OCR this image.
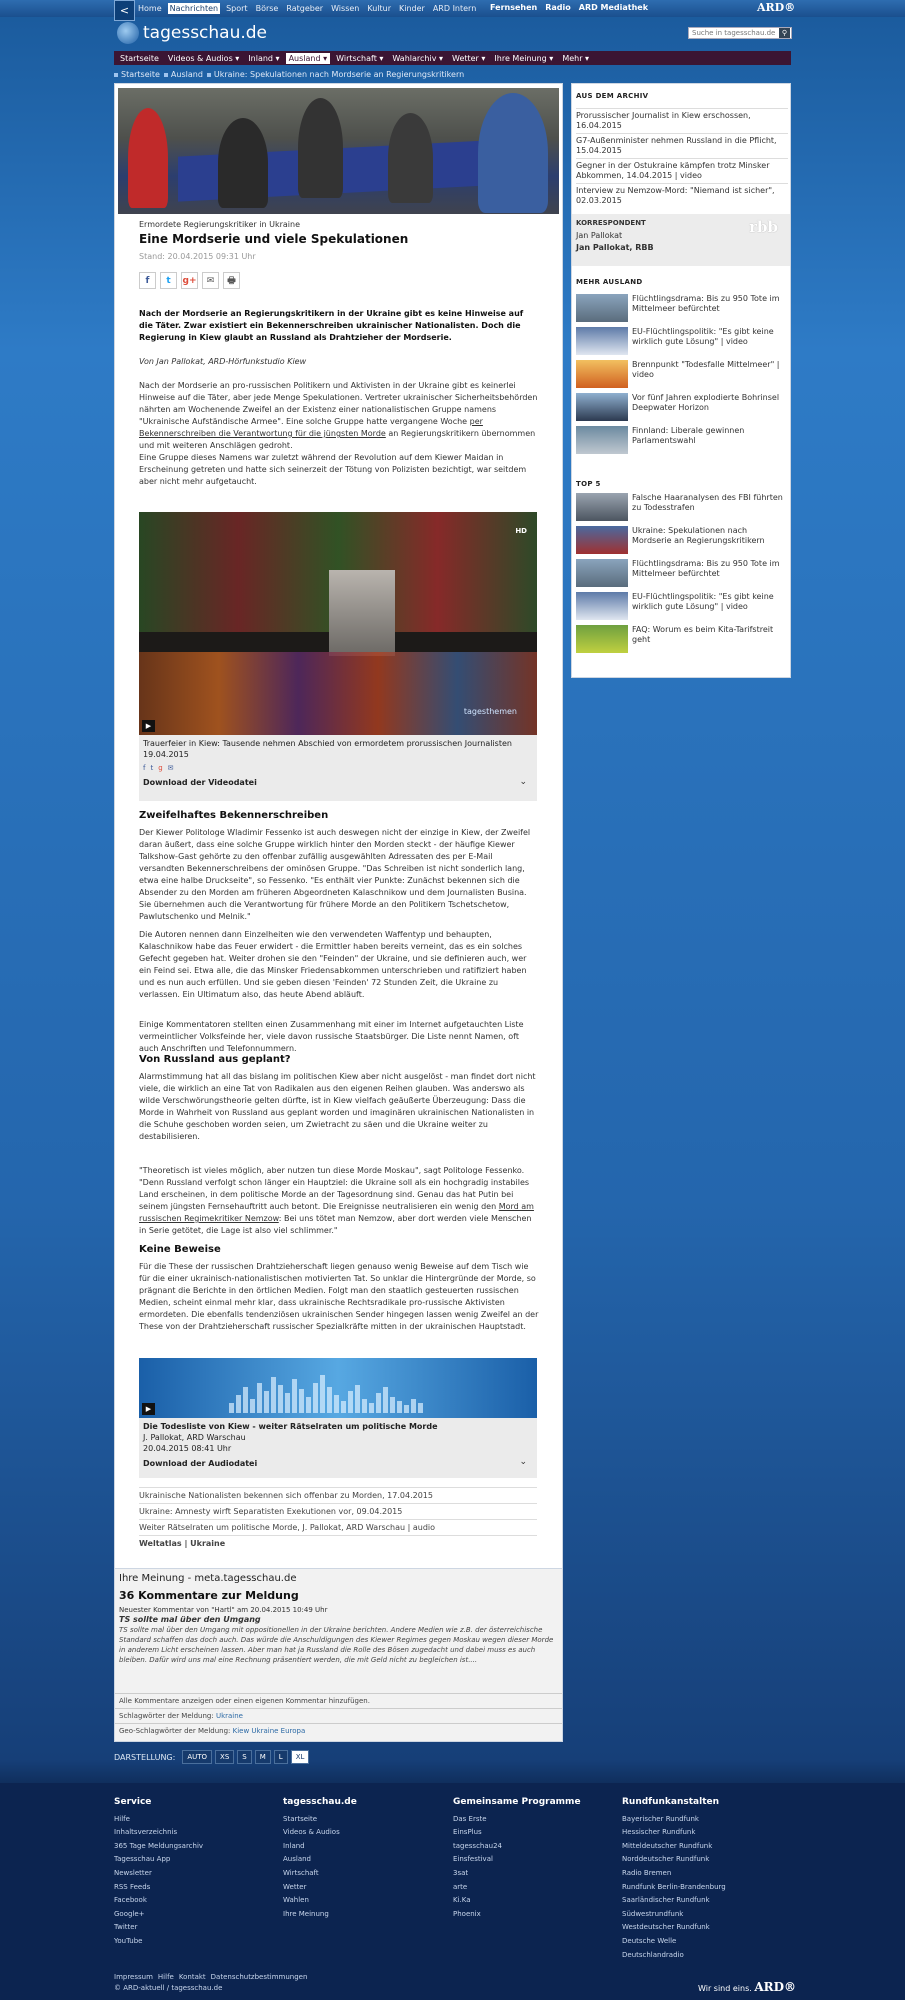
<	Home Nachrichten Sport Börse Ratgeber Wissen Kultur Kinder ARD Intern Fernsehen Radio ARD Mediathek	ARD®
tagesschau.de	Suche in tagesschau.de ⚲
Startseite	Videos & Audios ▾	Inland ▾	Ausland ▾	Wirtschaft ▾	Wahlarchiv ▾	Wetter ▾	Ihre Meinung ▾	Mehr ▾
Startseite	Ausland	Ukraine: Spekulationen nach Mordserie an Regierungskritikern
Ermordete Regierungskritiker in Ukraine
Eine Mordserie und viele Spekulationen
Stand: 20.04.2015 09:31 Uhr
f	t	g+	✉	🖶
Nach der Mordserie an Regierungskritikern in der Ukraine gibt es keine Hinweise auf die Täter. Zwar existiert ein Bekennerschreiben ukrainischer Nationalisten. Doch die Regierung in Kiew glaubt an Russland als Drahtzieher der Mordserie.
Von Jan Pallokat, ARD-Hörfunkstudio Kiew
Nach der Mordserie an pro-russischen Politikern und Aktivisten in der Ukraine gibt es keinerlei Hinweise auf die Täter, aber jede Menge Spekulationen. Vertreter ukrainischer Sicherheitsbehörden nährten am Wochenende Zweifel an der Existenz einer nationalistischen Gruppe namens "Ukrainische Aufständische Armee". Eine solche Gruppe hatte vergangene Woche per Bekennerschreiben die Verantwortung für die jüngsten Morde an Regierungskritikern übernommen und mit weiteren Anschlägen gedroht.
Eine Gruppe dieses Namens war zuletzt während der Revolution auf dem Kiewer Maidan in Erscheinung getreten und hatte sich seinerzeit der Tötung von Polizisten bezichtigt, war seitdem aber nicht mehr aufgetaucht.
HD
tagesthemen
▶
Trauerfeier in Kiew: Tausende nehmen Abschied von ermordetem prorussischen Journalisten
19.04.2015
f t g ✉
Download der Videodatei	⌄
Zweifelhaftes Bekennerschreiben
Der Kiewer Politologe Wladimir Fessenko ist auch deswegen nicht der einzige in Kiew, der Zweifel daran äußert, dass eine solche Gruppe wirklich hinter den Morden steckt - der häufige Kiewer Talkshow-Gast gehörte zu den offenbar zufällig ausgewählten Adressaten des per E-Mail versandten Bekennerschreibens der ominösen Gruppe. "Das Schreiben ist nicht sonderlich lang, etwa eine halbe Druckseite", so Fessenko. "Es enthält vier Punkte: Zunächst bekennen sich die Absender zu den Morden am früheren Abgeordneten Kalaschnikow und dem Journalisten Busina. Sie übernehmen auch die Verantwortung für frühere Morde an den Politikern Tschetschetow, Pawlutschenko und Melnik."
Die Autoren nennen dann Einzelheiten wie den verwendeten Waffentyp und behaupten, Kalaschnikow habe das Feuer erwidert - die Ermittler haben bereits verneint, das es ein solches Gefecht gegeben hat. Weiter drohen sie den "Feinden" der Ukraine, und sie definieren auch, wer ein Feind sei. Etwa alle, die das Minsker Friedensabkommen unterschrieben und ratifiziert haben und es nun auch erfüllen. Und sie geben diesen 'Feinden' 72 Stunden Zeit, die Ukraine zu verlassen. Ein Ultimatum also, das heute Abend abläuft.
Einige Kommentatoren stellten einen Zusammenhang mit einer im Internet aufgetauchten Liste vermeintlicher Volksfeinde her, viele davon russische Staatsbürger. Die Liste nennt Namen, oft auch Anschriften und Telefonnummern.
Von Russland aus geplant?
Alarmstimmung hat all das bislang im politischen Kiew aber nicht ausgelöst - man findet dort nicht viele, die wirklich an eine Tat von Radikalen aus den eigenen Reihen glauben. Was anderswo als wilde Verschwörungstheorie gelten dürfte, ist in Kiew vielfach geäußerte Überzeugung: Dass die Morde in Wahrheit von Russland aus geplant worden und imaginären ukrainischen Nationalisten in die Schuhe geschoben worden seien, um Zwietracht zu säen und die Ukraine weiter zu destabilisieren.
"Theoretisch ist vieles möglich, aber nutzen tun diese Morde Moskau", sagt Politologe Fessenko. "Denn Russland verfolgt schon länger ein Hauptziel: die Ukraine soll als ein hochgradig instabiles Land erscheinen, in dem politische Morde an der Tagesordnung sind. Genau das hat Putin bei seinem jüngsten Fernsehauftritt auch betont. Die Ereignisse neutralisieren ein wenig den Mord am russischen Regimekritiker Nemzow: Bei uns tötet man Nemzow, aber dort werden viele Menschen in Serie getötet, die Lage ist also viel schlimmer."
Keine Beweise
Für die These der russischen Drahtzieherschaft liegen genauso wenig Beweise auf dem Tisch wie für die einer ukrainisch-nationalistischen motivierten Tat. So unklar die Hintergründe der Morde, so prägnant die Berichte in den örtlichen Medien. Folgt man den staatlich gesteuerten russischen Medien, scheint einmal mehr klar, dass ukrainische Rechtsradikale pro-russische Aktivisten ermordeten. Die ebenfalls tendenziösen ukrainischen Sender hingegen lassen wenig Zweifel an der These von der Drahtzieherschaft russischer Spezialkräfte mitten in der ukrainischen Hauptstadt.
▶
Die Todesliste von Kiew - weiter Rätselraten um politische Morde
J. Pallokat, ARD Warschau
20.04.2015 08:41 Uhr
Download der Audiodatei	⌄
Ukrainische Nationalisten bekennen sich offenbar zu Morden, 17.04.2015
Ukraine: Amnesty wirft Separatisten Exekutionen vor, 09.04.2015
Weiter Rätselraten um politische Morde, J. Pallokat, ARD Warschau | audio
Weltatlas | Ukraine
Ihre Meinung - meta.tagesschau.de
36 Kommentare zur Meldung
Neuester Kommentar von "Hartl" am 20.04.2015 10:49 Uhr
TS sollte mal über den Umgang
TS sollte mal über den Umgang mit oppositionellen in der Ukraine berichten. Andere Medien wie z.B. der österreichische Standard schaffen das doch auch. Das würde die Anschuldigungen des Kiewer Regimes gegen Moskau wegen dieser Morde in anderem Licht erscheinen lassen. Aber man hat ja Russland die Rolle des Bösen zugedacht und dabei muss es auch bleiben. Dafür wird uns mal eine Rechnung präsentiert werden, die mit Geld nicht zu begleichen ist....
Alle Kommentare anzeigen oder einen eigenen Kommentar hinzufügen.
Schlagwörter der Meldung: Ukraine
Geo-Schlagwörter der Meldung: Kiew Ukraine Europa
AUS DEM ARCHIV
Prorussischer Journalist in Kiew erschossen, 16.04.2015
G7-Außenminister nehmen Russland in die Pflicht, 15.04.2015
Gegner in der Ostukraine kämpfen trotz Minsker Abkommen, 14.04.2015 | video
Interview zu Nemzow-Mord: "Niemand ist sicher", 02.03.2015
KORRESPONDENT
Jan Pallokat
Jan Pallokat, RBB
rbb
MEHR AUSLAND
TOP 5
Flüchtlingsdrama: Bis zu 950 Tote im Mittelmeer befürchtet
EU-Flüchtlingspolitik: "Es gibt keine wirklich gute Lösung" | video
Brennpunkt "Todesfalle Mittelmeer" | video
Vor fünf Jahren explodierte Bohrinsel Deepwater Horizon
Finnland: Liberale gewinnen Parlamentswahl
Falsche Haaranalysen des FBI führten zu Todesstrafen
Ukraine: Spekulationen nach Mordserie an Regierungskritikern
Flüchtlingsdrama: Bis zu 950 Tote im Mittelmeer befürchtet
EU-Flüchtlingspolitik: "Es gibt keine wirklich gute Lösung" | video
FAQ: Worum es beim Kita-Tarifstreit geht
DARSTELLUNG:	AUTO	XS	S	M	L	XL
Service
Hilfe
Inhaltsverzeichnis
365 Tage Meldungsarchiv
Tagesschau App
Newsletter
RSS Feeds
Facebook
Google+
Twitter
YouTube
tagesschau.de
Startseite
Videos & Audios
Inland
Ausland
Wirtschaft
Wetter
Wahlen
Ihre Meinung
Gemeinsame Programme
Das Erste
EinsPlus
tagesschau24
Einsfestival
3sat
arte
Ki.Ka
Phoenix
Rundfunkanstalten
Bayerischer Rundfunk
Hessischer Rundfunk
Mitteldeutscher Rundfunk
Norddeutscher Rundfunk
Radio Bremen
Rundfunk Berlin-Brandenburg
Saarländischer Rundfunk
Südwestrundfunk
Westdeutscher Rundfunk
Deutsche Welle
Deutschlandradio
Impressum Hilfe Kontakt Datenschutzbestimmungen
© ARD-aktuell / tagesschau.de	Wir sind eins. ARD®
